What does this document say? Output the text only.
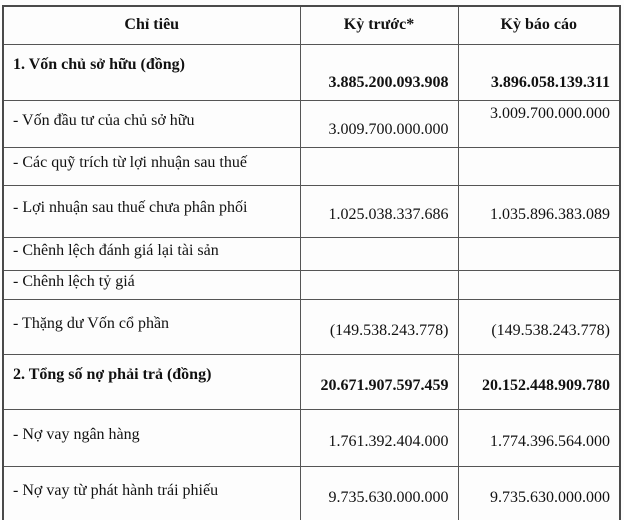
Chỉ tiêu	Kỳ trước*	Kỳ báo cáo
1. Vốn chủ sở hữu (đồng)	3.885.200.093.908	3.896.058.139.311
- Vốn đầu tư của chủ sở hữu	3.009.700.000.000	3.009.700.000.000
- Các quỹ trích từ lợi nhuận sau thuế		
- Lợi nhuận sau thuế chưa phân phối	1.025.038.337.686	1.035.896.383.089
- Chênh lệch đánh giá lại tài sản		
- Chênh lệch tỷ giá		
- Thặng dư Vốn cổ phần	(149.538.243.778)	(149.538.243.778)
2. Tổng số nợ phải trả (đồng)	20.671.907.597.459	20.152.448.909.780
- Nợ vay ngân hàng	1.761.392.404.000	1.774.396.564.000
- Nợ vay từ phát hành trái phiếu	9.735.630.000.000	9.735.630.000.000
